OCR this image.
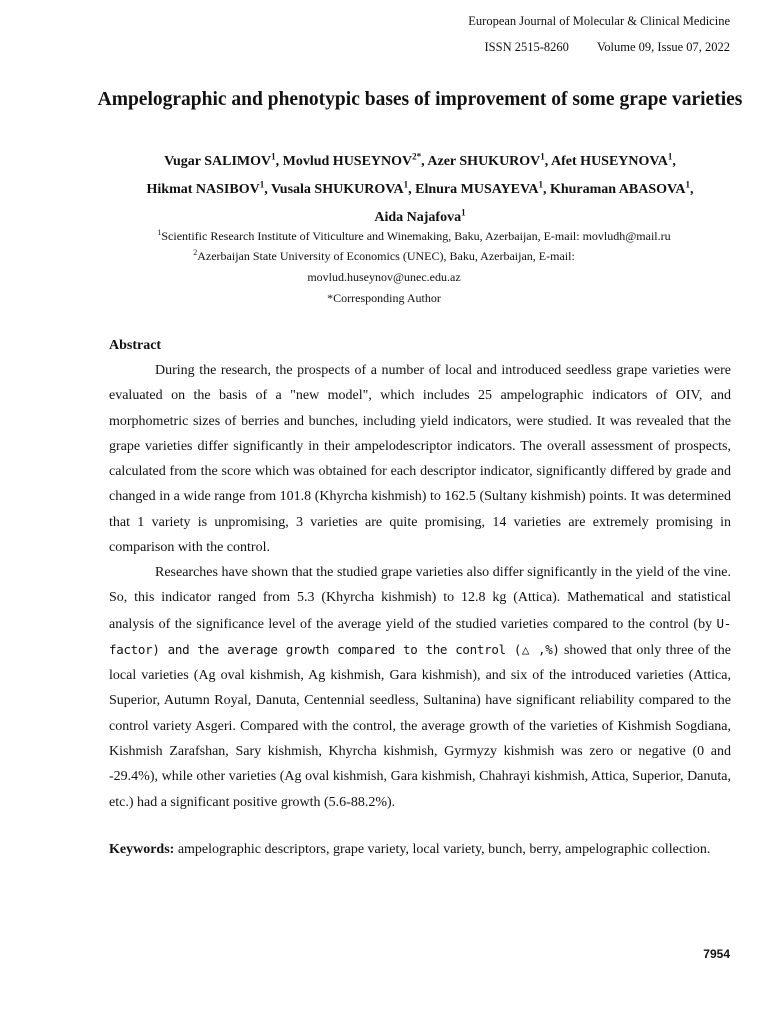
European Journal of Molecular & Clinical Medicine
ISSN 2515-8260 Volume 09, Issue 07, 2022
Ampelographic and phenotypic bases of improvement of some grape varieties
Vugar SALIMOV$^1$, Movlud $HUSEYNOV^{2*}$, Azer SHUKUROV$^1$, Afet HUSEYNOVA$^1$,
Hikmat NASIBOV$^1$, Vusala SHUKUROVA$^1$, Elnura MUSAYEVA$^1$, Khuraman ABASOVA$^1$,
Aida Najafova$^1$
$^1$Scientific Research Institute of Viticulture and Winemaking, Baku, Azerbaijan, E-mail: movludh@mail.ru
$^2$Azerbaijan State University of Economics (UNEC), Baku, Azerbaijan, E-mail:
movlud.huseynov@unec.edu.az
*Corresponding Author
Abstract
During the research, the prospects of a number of local and introduced seedless grape varieties were evaluated on the basis of a "new model", which includes 25 ampelographic indicators of OIV, and morphometric sizes of berries and bunches, including yield indicators, were studied. It was revealed that the grape varieties differ significantly in their ampelodescriptor indicators. The overall assessment of prospects, calculated from the score which was obtained for each descriptor indicator, significantly differed by grade and changed in a wide range from 101.8 (Khyrcha kishmish) to 162.5 (Sultany kishmish) points. It was determined that 1 variety is unpromising, 3 varieties are quite promising, 14 varieties are extremely promising in comparison with the control.
Researches have shown that the studied grape varieties also differ significantly in the yield of the vine. So, this indicator ranged from 5.3 (Khyrcha kishmish) to 12.8 kg (Attica). Mathematical and statistical analysis of the significance level of the average yield of the studied varieties compared to the control (by U-factor) and the average growth compared to the control (△ ,%) showed that only three of the local varieties (Ag oval kishmish, Ag kishmish, Gara kishmish), and six of the introduced varieties (Attica, Superior, Autumn Royal, Danuta, Centennial seedless, Sultanina) have significant reliability compared to the control variety Asgeri. Compared with the control, the average growth of the varieties of Kishmish Sogdiana, Kishmish Zarafshan, Sary kishmish, Khyrcha kishmish, Gyrmyzy kishmish was zero or negative (0 and -29.4%), while other varieties (Ag oval kishmish, Gara kishmish, Chahrayi kishmish, Attica, Superior, Danuta, etc.) had a significant positive growth (5.6-88.2%).
Keywords: ampelographic descriptors, grape variety, local variety, bunch, berry, ampelographic collection.
7954
